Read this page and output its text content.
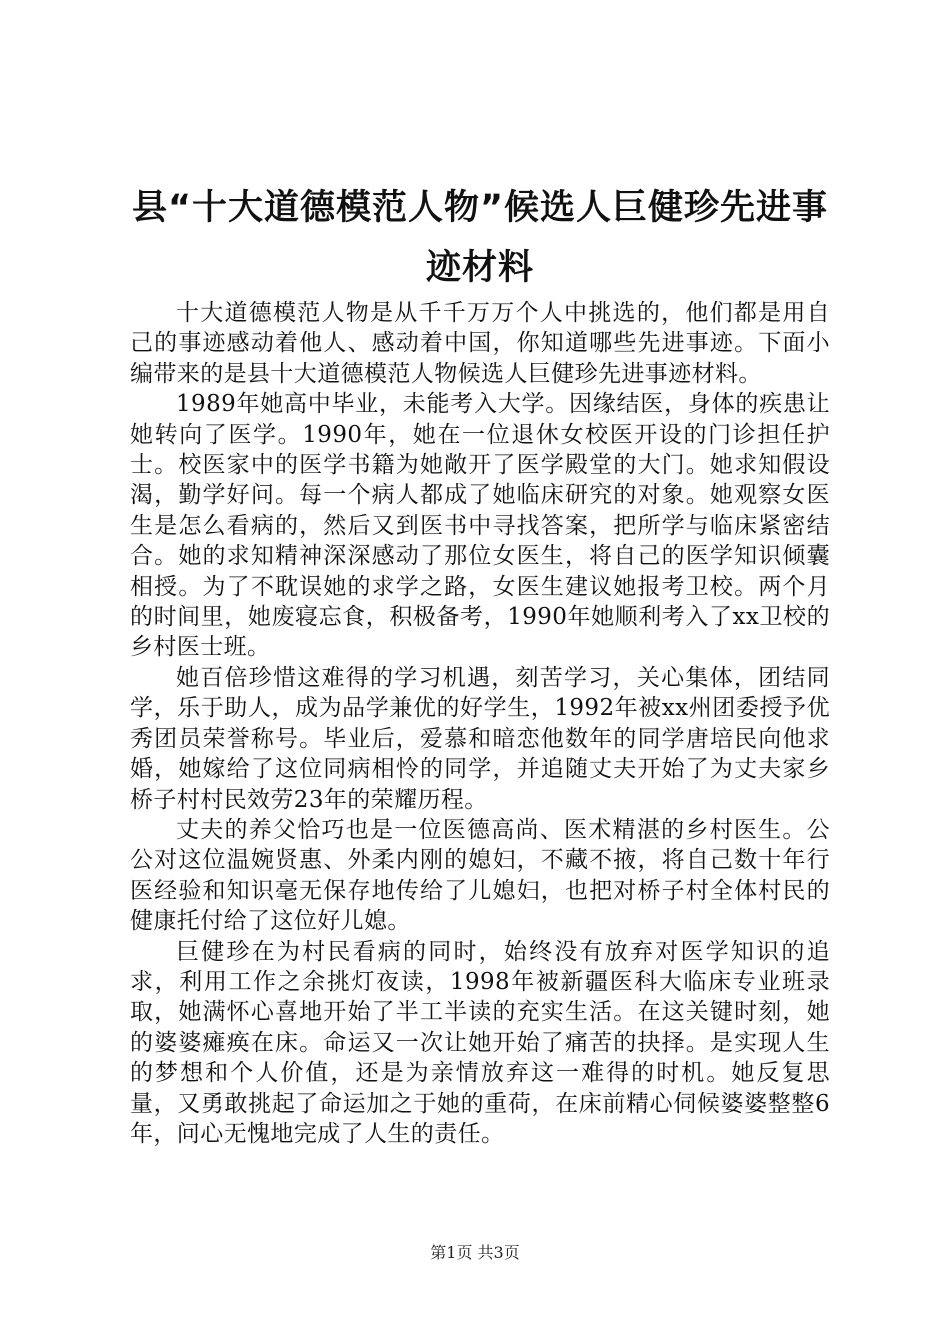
县“十大道德模范人物”候选人巨健珍先进事
迹材料

十大道德模范人物是从千千万万个人中挑选的，他们都是用自己的事迹感动着他人、感动着中国，你知道哪些先进事迹。下面小编带来的是县十大道德模范人物候选人巨健珍先进事迹材料。

1989年她高中毕业，未能考入大学。因缘结医，身体的疾患让她转向了医学。1990年，她在一位退休女校医开设的门诊担任护士。校医家中的医学书籍为她敞开了医学殿堂的大门。她求知假设渴，勤学好问。每一个病人都成了她临床研究的对象。她观察女医生是怎么看病的，然后又到医书中寻找答案，把所学与临床紧密结合。她的求知精神深深感动了那位女医生，将自己的医学知识倾囊相授。为了不耽误她的求学之路，女医生建议她报考卫校。两个月的时间里，她废寝忘食，积极备考，1990年她顺利考入了xx卫校的乡村医士班。

她百倍珍惜这难得的学习机遇，刻苦学习，关心集体，团结同学，乐于助人，成为品学兼优的好学生，1992年被xx州团委授予优秀团员荣誉称号。毕业后，爱慕和暗恋他数年的同学唐培民向他求婚，她嫁给了这位同病相怜的同学，并追随丈夫开始了为丈夫家乡桥子村村民效劳23年的荣耀历程。

丈夫的养父恰巧也是一位医德高尚、医术精湛的乡村医生。公公对这位温婉贤惠、外柔内刚的媳妇，不藏不掖，将自己数十年行医经验和知识毫无保存地传给了儿媳妇，也把对桥子村全体村民的健康托付给了这位好儿媳。

巨健珍在为村民看病的同时，始终没有放弃对医学知识的追求，利用工作之余挑灯夜读，1998年被新疆医科大临床专业班录取，她满怀心喜地开始了半工半读的充实生活。在这关键时刻，她的婆婆瘫痪在床。命运又一次让她开始了痛苦的抉择。是实现人生的梦想和个人价值，还是为亲情放弃这一难得的时机。她反复思量，又勇敢挑起了命运加之于她的重荷，在床前精心伺候婆婆整整6年，问心无愧地完成了人生的责任。

第1页 共3页
